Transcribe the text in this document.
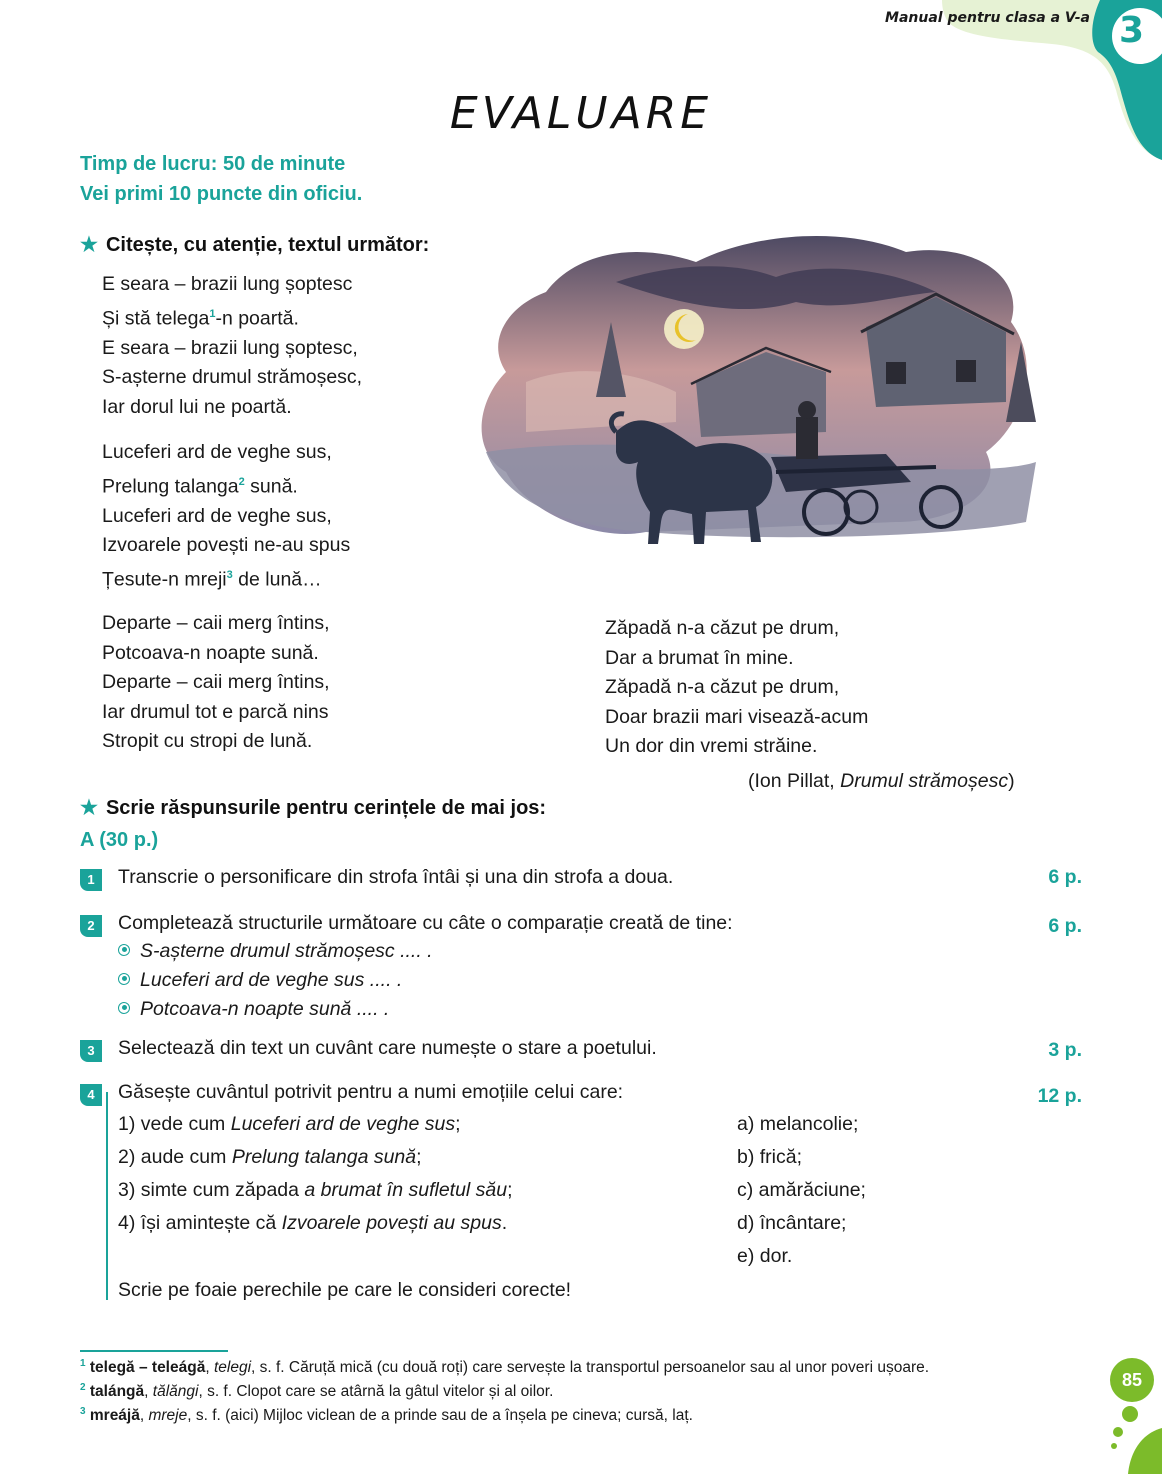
Manual pentru clasa a V-a 3
EVALUARE
Timp de lucru: 50 de minute
Vei primi 10 puncte din oficiu.
★ Citește, cu atenție, textul următor:
E seara – brazii lung șoptesc
Și stă telega$^1$-n poartă.
E seara – brazii lung șoptesc,
S-așterne drumul strămoșesc,
Iar dorul lui ne poartă.
Luceferi ard de veghe sus,
Prelung talanga$^2$ sună.
Luceferi ard de veghe sus,
Izvoarele povești ne-au spus
Țesute-n mreji$^3$ de lună…
Departe – caii merg întins,
Potcoava-n noapte sună.
Departe – caii merg întins,
Iar drumul tot e parcă nins
Stropit cu stropi de lună.
Zăpadă n-a căzut pe drum,
Dar a brumat în mine.
Zăpadă n-a căzut pe drum,
Doar brazii mari visează-acum
Un dor din vremi străine.
(Ion Pillat, Drumul strămoșesc)
★ Scrie răspunsurile pentru cerințele de mai jos:
A (30 p.)
1	Transcrie o personificare din strofa întâi și una din strofa a doua.	6 p.
2	Completează structurile următoare cu câte o comparație creată de tine:	6 p.
S-așterne drumul strămoșesc .... .
Luceferi ard de veghe sus .... .
Potcoava-n noapte sună .... .
3	Selectează din text un cuvânt care numește o stare a poetului.	3 p.
4	Găsește cuvântul potrivit pentru a numi emoțiile celui care:	12 p.
1) vede cum Luceferi ard de veghe sus;
2) aude cum Prelung talanga sună;
3) simte cum zăpada a brumat în sufletul său;
4) își amintește că Izvoarele povești au spus.
a) melancolie;
b) frică;
c) amărăciune;
d) încântare;
e) dor.
Scrie pe foaie perechile pe care le consideri corecte!
$^1$ telegă – teleágă, telegi, s. f. Căruță mică (cu două roți) care servește la transportul persoanelor sau al unor poveri ușoare.
$^2$ talángă, tălăngi, s. f. Clopot care se atârnă la gâtul vitelor și al oilor.
$^3$ mreájă, mreje, s. f. (aici) Mijloc viclean de a prinde sau de a înșela pe cineva; cursă, laț.
85
